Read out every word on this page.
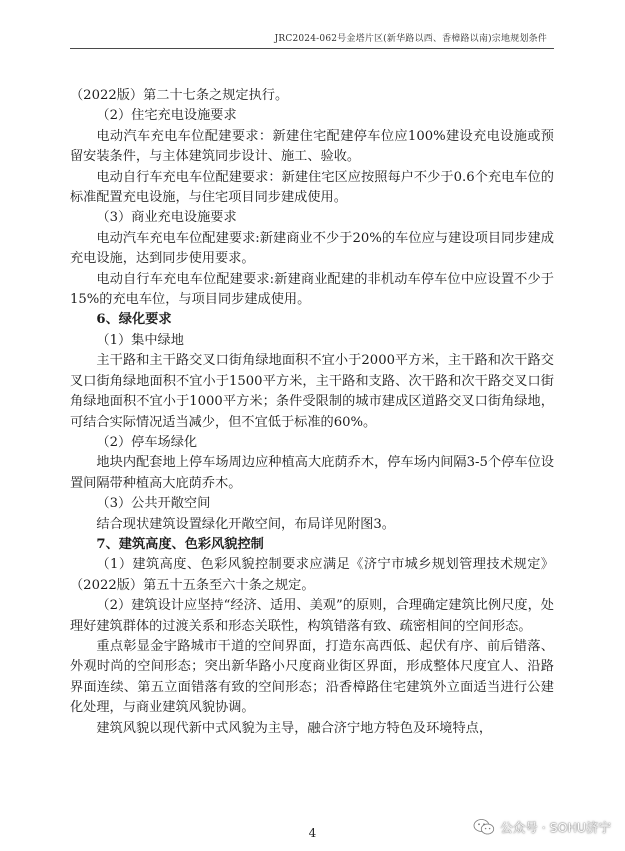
JRC2024-062号金塔片区(新华路以西、香樟路以南)宗地规划条件

（2022版）第二十七条之规定执行。

（2）住宅充电设施要求

电动汽车充电车位配建要求：新建住宅配建停车位应100%建设充电设施或预留安装条件，与主体建筑同步设计、施工、验收。

电动自行车充电车位配建要求：新建住宅区应按照每户不少于0.6个充电车位的标准配置充电设施，与住宅项目同步建成使用。

（3）商业充电设施要求

电动汽车充电车位配建要求:新建商业不少于20%的车位应与建设项目同步建成充电设施，达到同步使用要求。

电动自行车充电车位配建要求:新建商业配建的非机动车停车位中应设置不少于15%的充电车位，与项目同步建成使用。

6、绿化要求

（1）集中绿地

主干路和主干路交叉口街角绿地面积不宜小于2000平方米，主干路和次干路交叉口街角绿地面积不宜小于1500平方米，主干路和支路、次干路和次干路交叉口街角绿地面积不宜小于1000平方米；条件受限制的城市建成区道路交叉口街角绿地，可结合实际情况适当减少，但不宜低于标准的60%。

（2）停车场绿化

地块内配套地上停车场周边应种植高大庇荫乔木，停车场内间隔3-5个停车位设置间隔带种植高大庇荫乔木。

（3）公共开敞空间

结合现状建筑设置绿化开敞空间，布局详见附图3。

7、建筑高度、色彩风貌控制

（1）建筑高度、色彩风貌控制要求应满足《济宁市城乡规划管理技术规定》（2022版）第五十五条至六十条之规定。

（2）建筑设计应坚持“经济、适用、美观”的原则，合理确定建筑比例尺度，处理好建筑群体的过渡关系和形态关联性，构筑错落有致、疏密相间的空间形态。

重点彰显金宇路城市干道的空间界面，打造东高西低、起伏有序、前后错落、外观时尚的空间形态；突出新华路小尺度商业街区界面，形成整体尺度宜人、沿路界面连续、第五立面错落有致的空间形态；沿香樟路住宅建筑外立面适当进行公建化处理，与商业建筑风貌协调。

建筑风貌以现代新中式风貌为主导，融合济宁地方特色及环境特点，

4	公众号 · SOHU济宁
